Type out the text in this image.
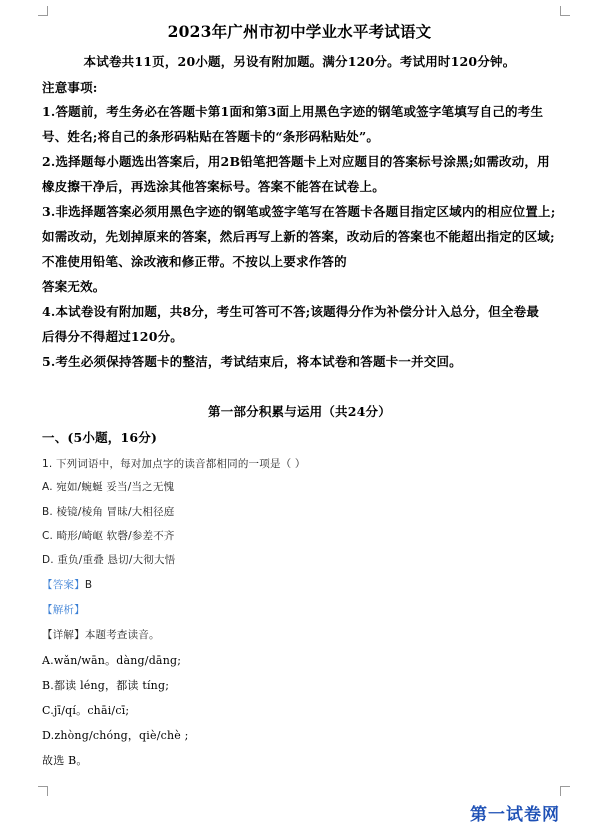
2023年广州市初中学业水平考试语文
本试卷共11页，20小题，另设有附加题。满分120分。考试用时120分钟。
注意事项:
1.答题前，考生务必在答题卡第1面和第3面上用黑色字迹的钢笔或签字笔填写自己的考生
号、姓名;将自己的条形码粘贴在答题卡的“条形码粘贴处”。
2.选择题每小题选出答案后，用2B铅笔把答题卡上对应题目的答案标号涂黑;如需改动，用
橡皮擦干净后，再选涂其他答案标号。答案不能答在试卷上。
3.非选择题答案必须用黑色字迹的钢笔或签字笔写在答题卡各题目指定区域内的相应位置上;
如需改动，先划掉原来的答案，然后再写上新的答案，改动后的答案也不能超出指定的区域;
不准使用铅笔、涂改液和修正带。不按以上要求作答的
答案无效。
4.本试卷设有附加题，共8分，考生可答可不答;该题得分作为补偿分计入总分，但全卷最
后得分不得超过120分。
5.考生必须保持答题卡的整洁，考试结束后，将本试卷和答题卡一并交回。
第一部分积累与运用（共24分）
一、(5小题，16分)
1. 下列词语中，每对加点字的读音都相同的一项是（ ）
A. 宛如/蜿蜒 妥当/当之无愧
B. 棱镜/棱角 冒昧/大相径庭
C. 畸形/崎岖 软磬/参差不齐
D. 重负/重叠 恳切/大彻大悟
【答案】B
【解析】
【详解】本题考查读音。
A.wǎn/wān。dàng/dāng;
B.都读 léng，都读 tíng;
C.jī/qí。chāi/cī;
D.zhòng/chóng，qiè/chè ;
故选 B。
第一试卷网
